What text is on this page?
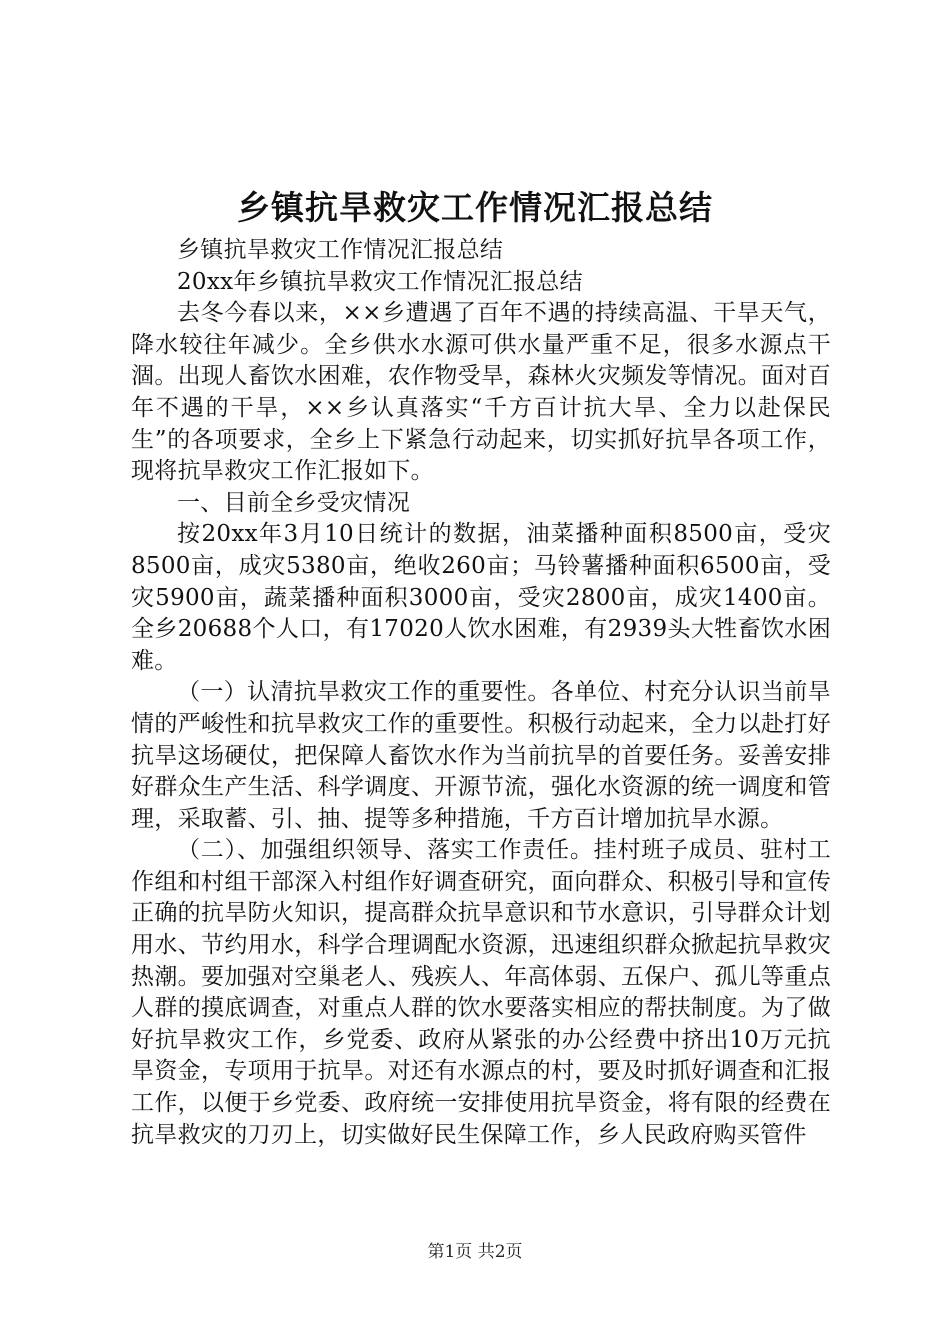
乡镇抗旱救灾工作情况汇报总结

乡镇抗旱救灾工作情况汇报总结

20xx年乡镇抗旱救灾工作情况汇报总结

去冬今春以来，××乡遭遇了百年不遇的持续高温、干旱天气，降水较往年减少。全乡供水水源可供水量严重不足，很多水源点干涸。出现人畜饮水困难，农作物受旱，森林火灾频发等情况。面对百年不遇的干旱，××乡认真落实“千方百计抗大旱、全力以赴保民生”的各项要求，全乡上下紧急行动起来，切实抓好抗旱各项工作，现将抗旱救灾工作汇报如下。

一、目前全乡受灾情况

按20xx年3月10日统计的数据，油菜播种面积8500亩，受灾8500亩，成灾5380亩，绝收260亩；马铃薯播种面积6500亩，受灾5900亩，蔬菜播种面积3000亩，受灾2800亩，成灾1400亩。全乡20688个人口，有17020人饮水困难，有2939头大牲畜饮水困难。

（一）认清抗旱救灾工作的重要性。各单位、村充分认识当前旱情的严峻性和抗旱救灾工作的重要性。积极行动起来，全力以赴打好抗旱这场硬仗，把保障人畜饮水作为当前抗旱的首要任务。妥善安排好群众生产生活、科学调度、开源节流，强化水资源的统一调度和管理，采取蓄、引、抽、提等多种措施，千方百计增加抗旱水源。

（二）、加强组织领导、落实工作责任。挂村班子成员、驻村工作组和村组干部深入村组作好调查研究，面向群众、积极引导和宣传正确的抗旱防火知识，提高群众抗旱意识和节水意识，引导群众计划用水、节约用水，科学合理调配水资源，迅速组织群众掀起抗旱救灾热潮。要加强对空巢老人、残疾人、年高体弱、五保户、孤儿等重点人群的摸底调查，对重点人群的饮水要落实相应的帮扶制度。为了做好抗旱救灾工作，乡党委、政府从紧张的办公经费中挤出10万元抗旱资金，专项用于抗旱。对还有水源点的村，要及时抓好调查和汇报工作，以便于乡党委、政府统一安排使用抗旱资金，将有限的经费在抗旱救灾的刀刃上，切实做好民生保障工作，乡人民政府购买管件

第1页 共2页
